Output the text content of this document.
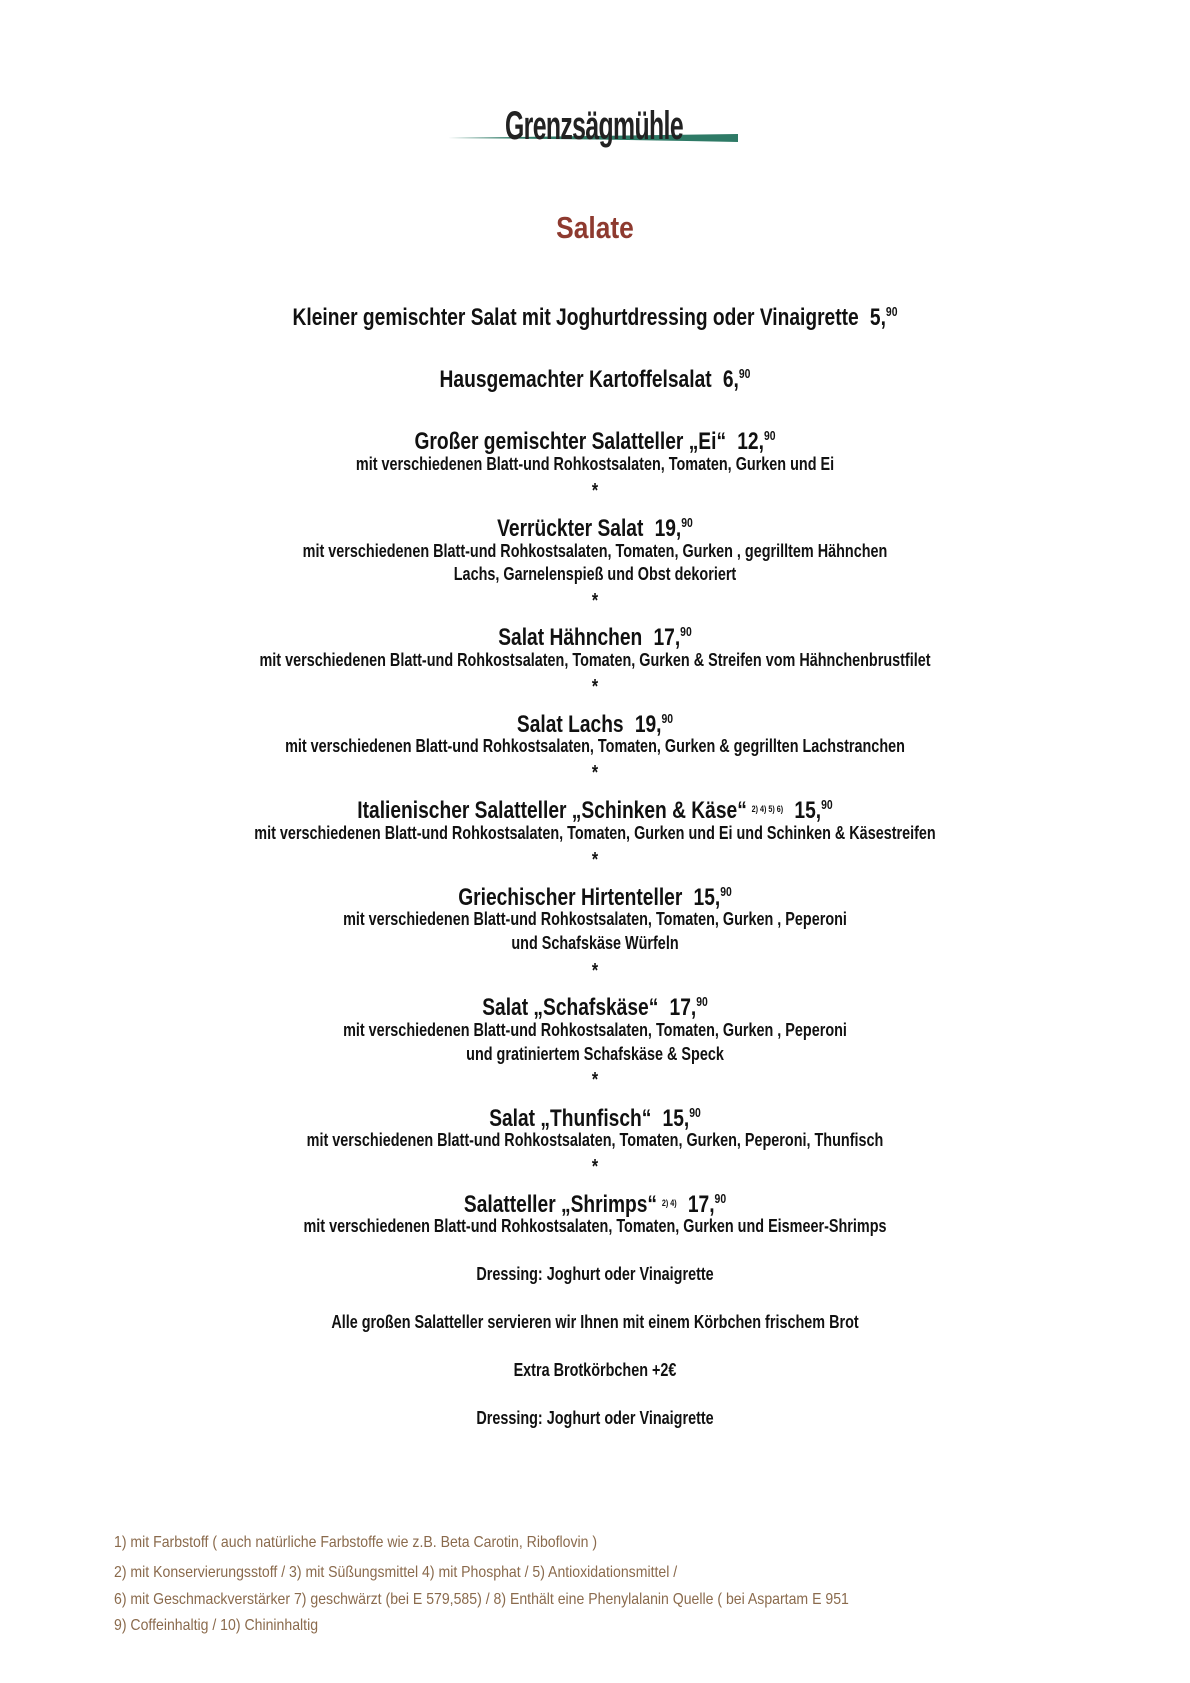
Grenzsägmühle
Salate
Kleiner gemischter Salat mit Joghurtdressing oder Vinaigrette 5,90
Hausgemachter Kartoffelsalat 6,90
Großer gemischter Salatteller „Ei“ 12,90
mit verschiedenen Blatt-und Rohkostsalaten, Tomaten, Gurken und Ei
*
Verrückter Salat 19,90
mit verschiedenen Blatt-und Rohkostsalaten, Tomaten, Gurken , gegrilltem Hähnchen
Lachs, Garnelenspieß und Obst dekoriert
*
Salat Hähnchen 17,90
mit verschiedenen Blatt-und Rohkostsalaten, Tomaten, Gurken & Streifen vom Hähnchenbrustfilet
*
Salat Lachs 19,90
mit verschiedenen Blatt-und Rohkostsalaten, Tomaten, Gurken & gegrillten Lachstranchen
*
Italienischer Salatteller „Schinken & Käse“ $^{2) 4) 5) 6)}$ 15,90
mit verschiedenen Blatt-und Rohkostsalaten, Tomaten, Gurken und Ei und Schinken & Käsestreifen
*
Griechischer Hirtenteller 15,90
mit verschiedenen Blatt-und Rohkostsalaten, Tomaten, Gurken , Peperoni
und Schafskäse Würfeln
*
Salat „Schafskäse“ 17,90
mit verschiedenen Blatt-und Rohkostsalaten, Tomaten, Gurken , Peperoni
und gratiniertem Schafskäse & Speck
*
Salat „Thunfisch“ 15,90
mit verschiedenen Blatt-und Rohkostsalaten, Tomaten, Gurken, Peperoni, Thunfisch
*
Salatteller „Shrimps“ $^{2) 4)}$ 17,90
mit verschiedenen Blatt-und Rohkostsalaten, Tomaten, Gurken und Eismeer-Shrimps
Dressing: Joghurt oder Vinaigrette
Alle großen Salatteller servieren wir Ihnen mit einem Körbchen frischem Brot
Extra Brotkörbchen +2€
Dressing: Joghurt oder Vinaigrette
1) mit Farbstoff ( auch natürliche Farbstoffe wie z.B. Beta Carotin, Riboflovin )
2) mit Konservierungsstoff / 3) mit Süßungsmittel 4) mit Phosphat / 5) Antioxidationsmittel /
6) mit Geschmackverstärker 7) geschwärzt (bei E 579,585) / 8) Enthält eine Phenylalanin Quelle ( bei Aspartam E 951
9) Coffeinhaltig / 10) Chininhaltig
